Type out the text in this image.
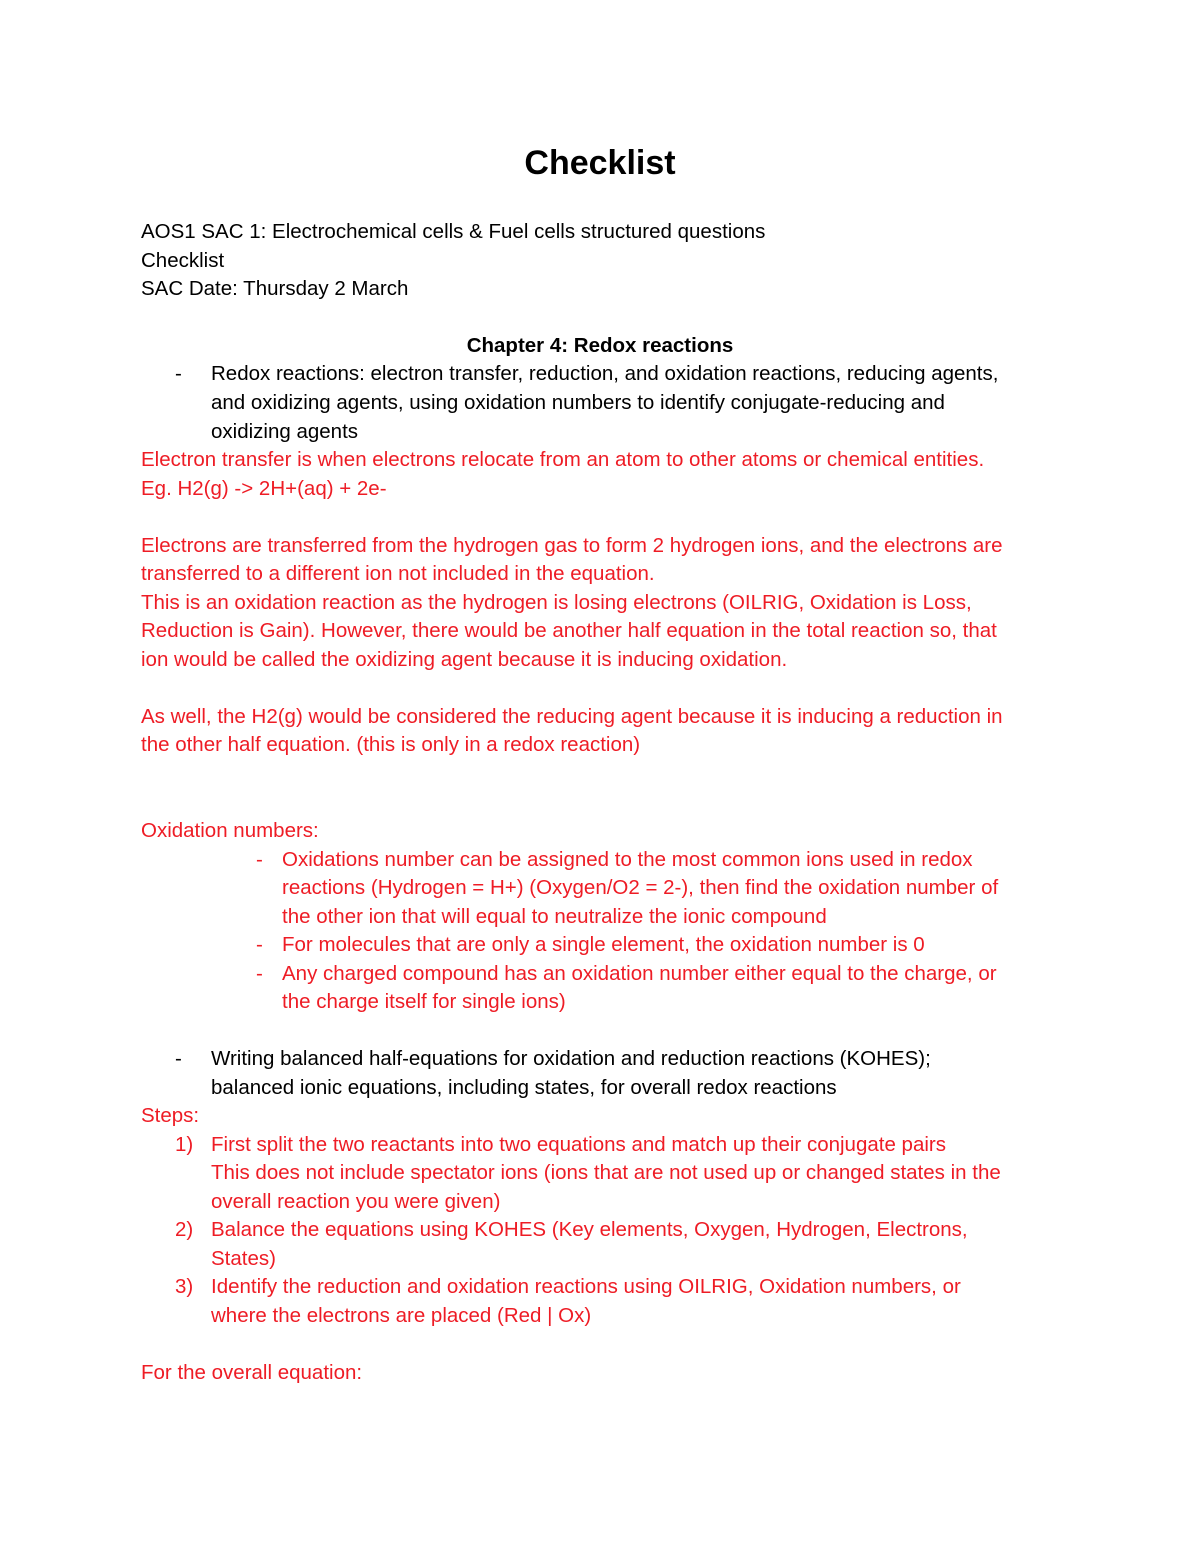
Checklist
AOS1 SAC 1: Electrochemical cells & Fuel cells structured questions
Checklist
SAC Date: Thursday 2 March
Chapter 4: Redox reactions
- Redox reactions: electron transfer, reduction, and oxidation reactions, reducing agents,
and oxidizing agents, using oxidation numbers to identify conjugate-reducing and
oxidizing agents
Electron transfer is when electrons relocate from an atom to other atoms or chemical entities.
Eg. H2(g) -> 2H+(aq) + 2e-
Electrons are transferred from the hydrogen gas to form 2 hydrogen ions, and the electrons are
transferred to a different ion not included in the equation.
This is an oxidation reaction as the hydrogen is losing electrons (OILRIG, Oxidation is Loss,
Reduction is Gain). However, there would be another half equation in the total reaction so, that
ion would be called the oxidizing agent because it is inducing oxidation.
As well, the H2(g) would be considered the reducing agent because it is inducing a reduction in
the other half equation. (this is only in a redox reaction)
Oxidation numbers:
- Oxidations number can be assigned to the most common ions used in redox
reactions (Hydrogen = H+) (Oxygen/O2 = 2-), then find the oxidation number of
the other ion that will equal to neutralize the ionic compound
- For molecules that are only a single element, the oxidation number is 0
- Any charged compound has an oxidation number either equal to the charge, or
the charge itself for single ions)
- Writing balanced half-equations for oxidation and reduction reactions (KOHES);
balanced ionic equations, including states, for overall redox reactions
Steps:
1) First split the two reactants into two equations and match up their conjugate pairs
This does not include spectator ions (ions that are not used up or changed states in the
overall reaction you were given)
2) Balance the equations using KOHES (Key elements, Oxygen, Hydrogen, Electrons,
States)
3) Identify the reduction and oxidation reactions using OILRIG, Oxidation numbers, or
where the electrons are placed (Red | Ox)
For the overall equation:
